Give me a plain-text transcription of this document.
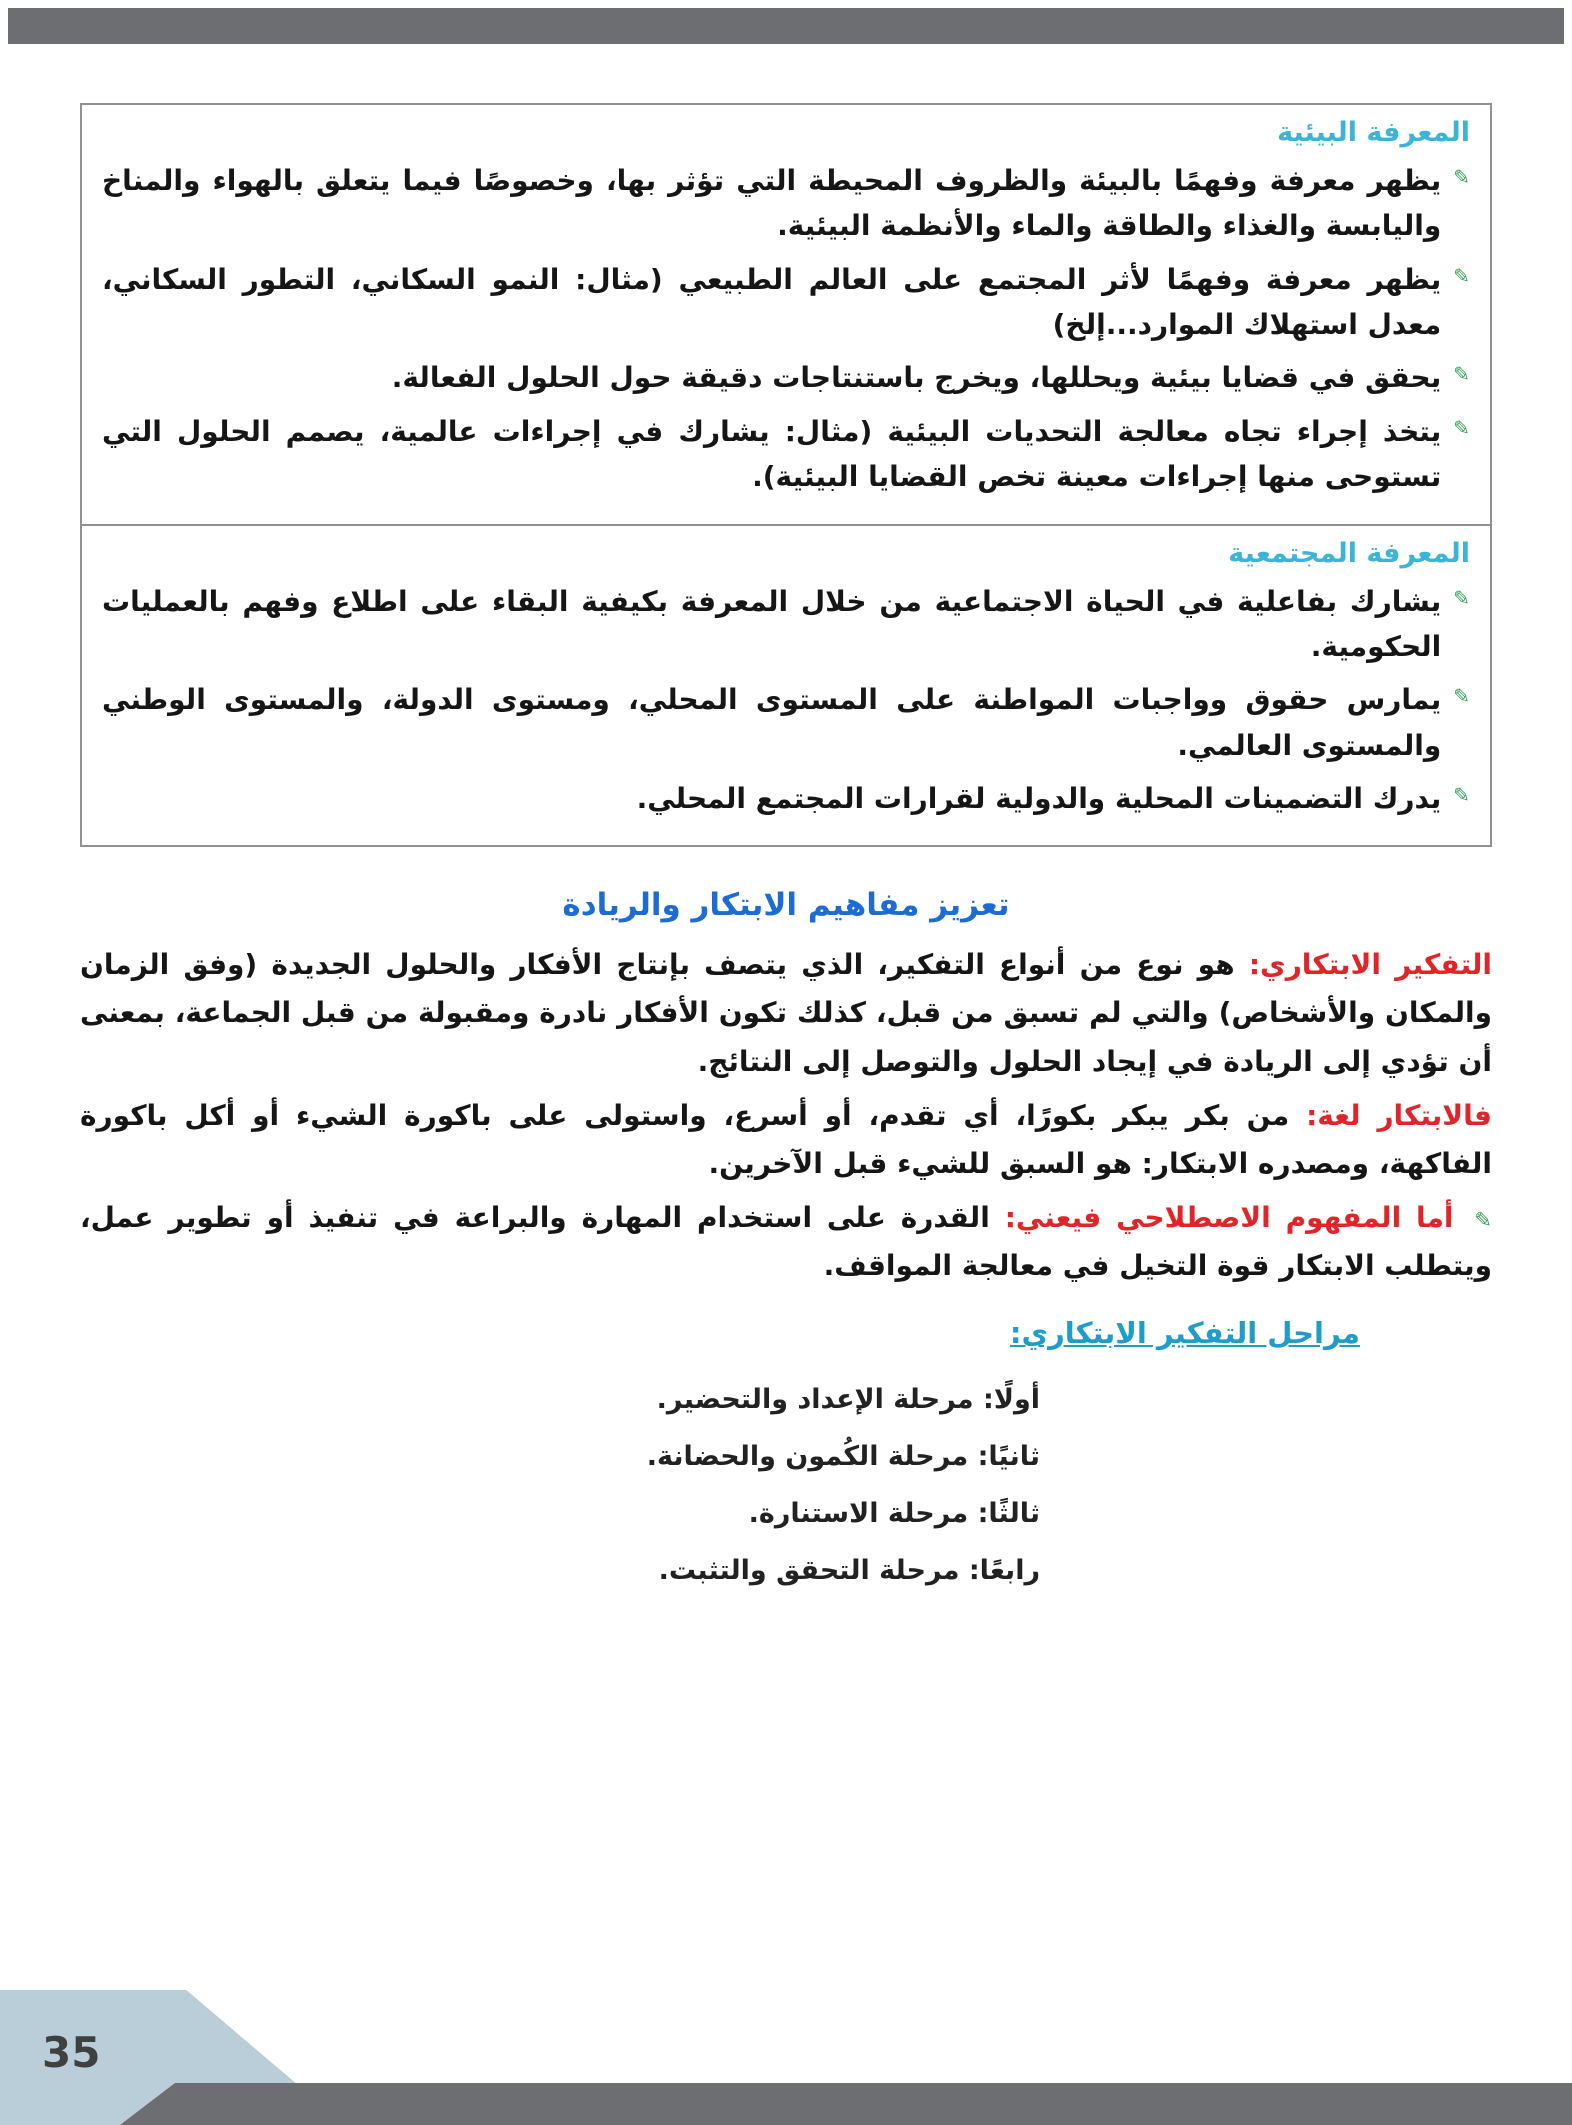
المعرفة البيئية
✎
يظهر معرفة وفهمًا بالبيئة والظروف المحيطة التي تؤثر بها، وخصوصًا فيما يتعلق بالهواء والمناخ واليابسة والغذاء والطاقة والماء والأنظمة البيئية.
✎
يظهر معرفة وفهمًا لأثر المجتمع على العالم الطبيعي (مثال: النمو السكاني، التطور السكاني، معدل استهلاك الموارد...إلخ)
✎
يحقق في قضايا بيئية ويحللها، ويخرج باستنتاجات دقيقة حول الحلول الفعالة.
✎
يتخذ إجراء تجاه معالجة التحديات البيئية (مثال: يشارك في إجراءات عالمية، يصمم الحلول التي تستوحى منها إجراءات معينة تخص القضايا البيئية).
المعرفة المجتمعية
✎
يشارك بفاعلية في الحياة الاجتماعية من خلال المعرفة بكيفية البقاء على اطلاع وفهم بالعمليات الحكومية.
✎
يمارس حقوق وواجبات المواطنة على المستوى المحلي، ومستوى الدولة، والمستوى الوطني والمستوى العالمي.
✎
يدرك التضمينات المحلية والدولية لقرارات المجتمع المحلي.
تعزيز مفاهيم الابتكار والريادة

التفكير الابتكاري: هو نوع من أنواع التفكير، الذي يتصف بإنتاج الأفكار والحلول الجديدة (وفق الزمان والمكان والأشخاص) والتي لم تسبق من قبل، كذلك تكون الأفكار نادرة ومقبولة من قبل الجماعة، بمعنى أن تؤدي إلى الريادة في إيجاد الحلول والتوصل إلى النتائج.

فالابتكار لغة: من بكر يبكر بكورًا، أي تقدم، أو أسرع، واستولى على باكورة الشيء أو أكل باكورة الفاكهة، ومصدره الابتكار: هو السبق للشيء قبل الآخرين.

✎ أما المفهوم الاصطلاحي فيعني: القدرة على استخدام المهارة والبراعة في تنفيذ أو تطوير عمل، ويتطلب الابتكار قوة التخيل في معالجة المواقف.

مراحل التفكير الابتكاري:
أولًا: مرحلة الإعداد والتحضير.
ثانيًا: مرحلة الكُمون والحضانة.
ثالثًا: مرحلة الاستنارة.
رابعًا: مرحلة التحقق والتثبت.
35
